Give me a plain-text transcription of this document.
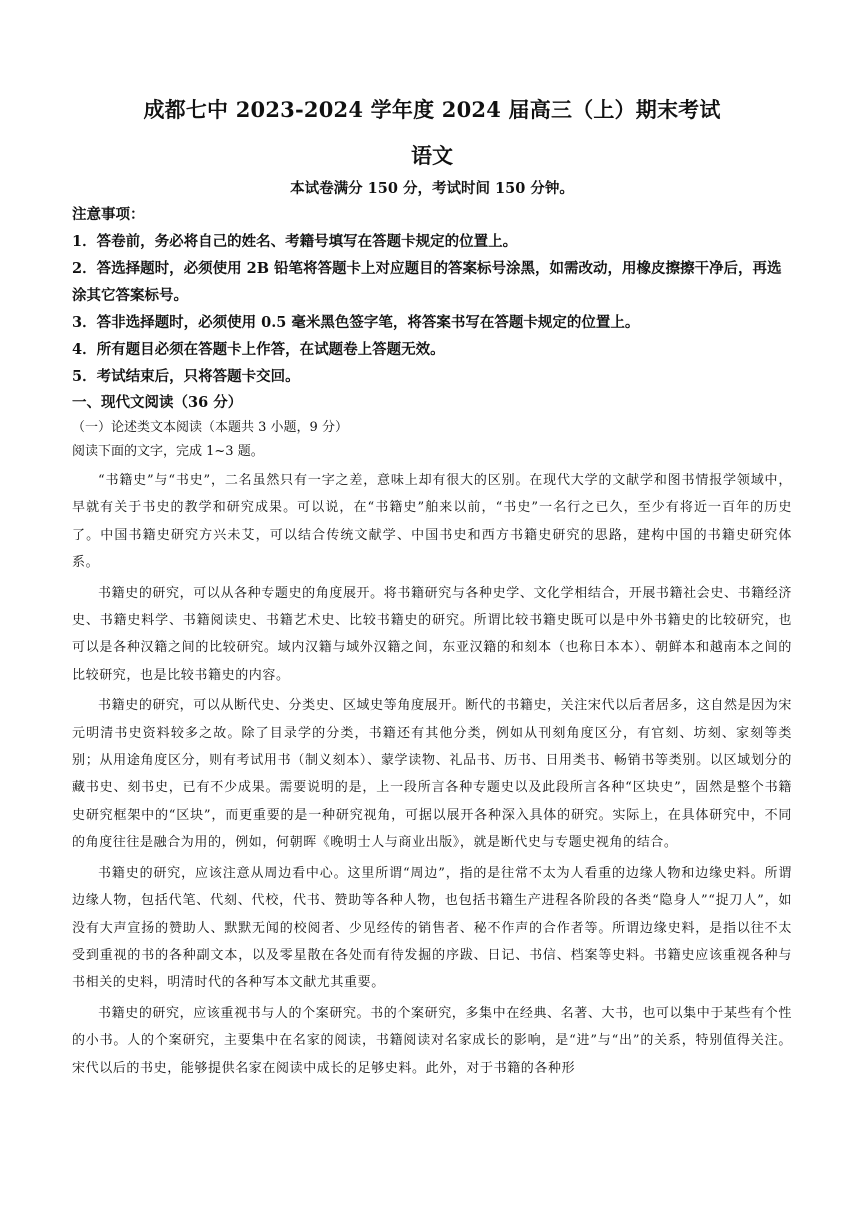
成都七中 2023-2024 学年度 2024 届高三（上）期末考试
语文

本试卷满分 150 分，考试时间 150 分钟。

注意事项：

1．答卷前，务必将自己的姓名、考籍号填写在答题卡规定的位置上。

2．答选择题时，必须使用 2B 铅笔将答题卡上对应题目的答案标号涂黑，如需改动，用橡皮擦擦干净后，再选涂其它答案标号。

3．答非选择题时，必须使用 0.5 毫米黑色签字笔，将答案书写在答题卡规定的位置上。

4．所有题目必须在答题卡上作答，在试题卷上答题无效。

5．考试结束后，只将答题卡交回。

一、现代文阅读（36 分）

（一）论述类文本阅读（本题共 3 小题，9 分）

阅读下面的文字，完成 1~3 题。

“书籍史”与“书史”，二名虽然只有一字之差，意味上却有很大的区别。在现代大学的文献学和图书情报学领域中，早就有关于书史的教学和研究成果。可以说，在“书籍史”舶来以前，“书史”一名行之已久，至少有将近一百年的历史了。中国书籍史研究方兴未艾，可以结合传统文献学、中国书史和西方书籍史研究的思路，建构中国的书籍史研究体系。

书籍史的研究，可以从各种专题史的角度展开。将书籍研究与各种史学、文化学相结合，开展书籍社会史、书籍经济史、书籍史料学、书籍阅读史、书籍艺术史、比较书籍史的研究。所谓比较书籍史既可以是中外书籍史的比较研究，也可以是各种汉籍之间的比较研究。域内汉籍与域外汉籍之间，东亚汉籍的和刻本（也称日本本）、朝鲜本和越南本之间的比较研究，也是比较书籍史的内容。

书籍史的研究，可以从断代史、分类史、区域史等角度展开。断代的书籍史，关注宋代以后者居多，这自然是因为宋元明清书史资料较多之故。除了目录学的分类，书籍还有其他分类，例如从刊刻角度区分，有官刻、坊刻、家刻等类别；从用途角度区分，则有考试用书（制义刻本）、蒙学读物、礼品书、历书、日用类书、畅销书等类别。以区域划分的藏书史、刻书史，已有不少成果。需要说明的是，上一段所言各种专题史以及此段所言各种“区块史”，固然是整个书籍史研究框架中的“区块”，而更重要的是一种研究视角，可据以展开各种深入具体的研究。实际上，在具体研究中，不同的角度往往是融合为用的，例如，何朝晖《晚明士人与商业出版》，就是断代史与专题史视角的结合。

书籍史的研究，应该注意从周边看中心。这里所谓“周边”，指的是往常不太为人看重的边缘人物和边缘史料。所谓边缘人物，包括代笔、代刻、代校，代书、赞助等各种人物，也包括书籍生产进程各阶段的各类“隐身人”“捉刀人”，如没有大声宣扬的赞助人、默默无闻的校阅者、少见经传的销售者、秘不作声的合作者等。所谓边缘史料，是指以往不太受到重视的书的各种副文本，以及零星散在各处而有待发掘的序跋、日记、书信、档案等史料。书籍史应该重视各种与书相关的史料，明清时代的各种写本文献尤其重要。

书籍史的研究，应该重视书与人的个案研究。书的个案研究，多集中在经典、名著、大书，也可以集中于某些有个性的小书。人的个案研究，主要集中在名家的阅读，书籍阅读对名家成长的影响，是“进”与“出”的关系，特别值得关注。宋代以后的书史，能够提供名家在阅读中成长的足够史料。此外，对于书籍的各种形
